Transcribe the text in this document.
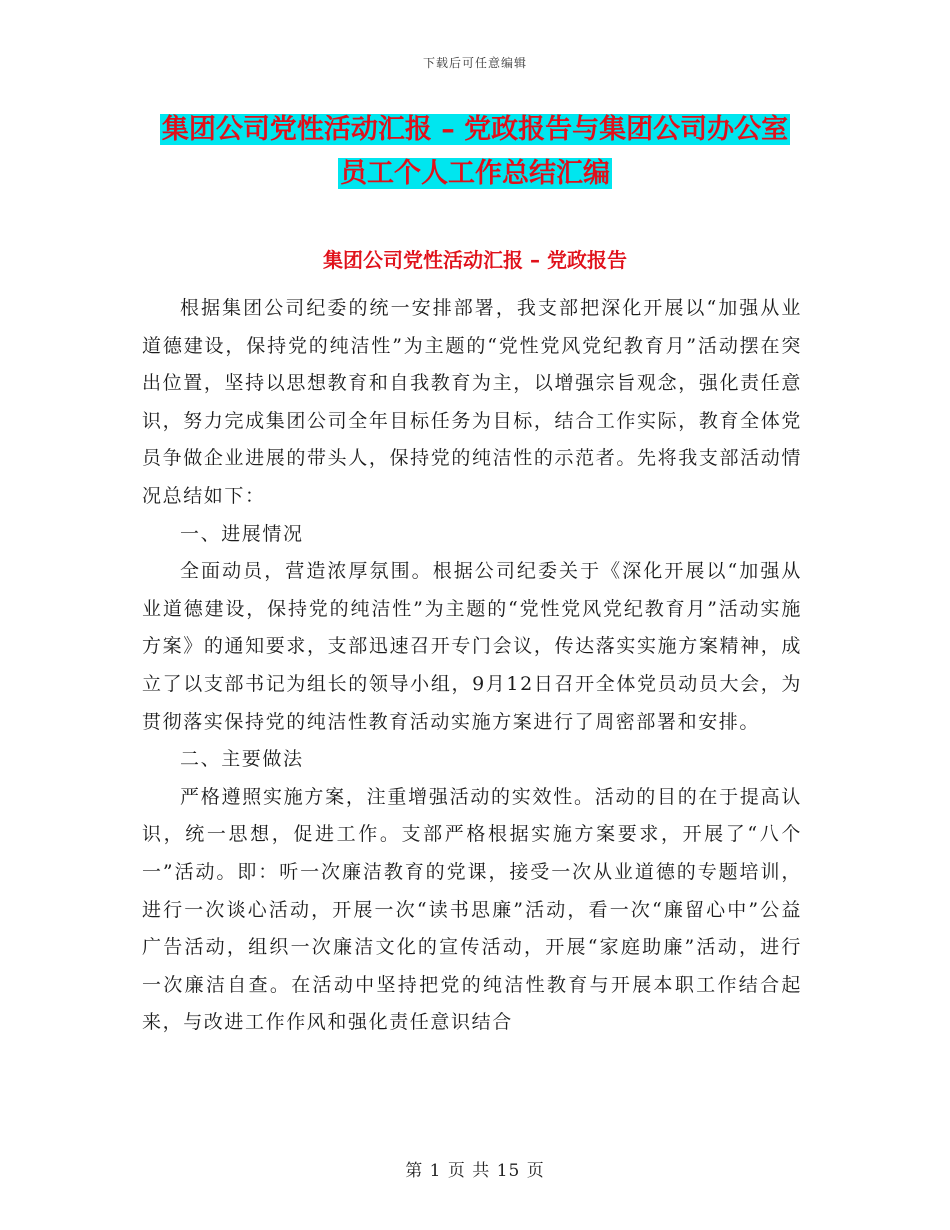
下载后可任意编辑
集团公司党性活动汇报 – 党政报告与集团公司办公室
员工个人工作总结汇编
集团公司党性活动汇报 – 党政报告

根据集团公司纪委的统一安排部署，我支部把深化开展以“加强从业道德建设，保持党的纯洁性”为主题的“党性党风党纪教育月”活动摆在突出位置，坚持以思想教育和自我教育为主，以增强宗旨观念，强化责任意识，努力完成集团公司全年目标任务为目标，结合工作实际，教育全体党员争做企业进展的带头人，保持党的纯洁性的示范者。先将我支部活动情况总结如下：

一、进展情况

全面动员，营造浓厚氛围。根据公司纪委关于《深化开展以“加强从业道德建设，保持党的纯洁性”为主题的“党性党风党纪教育月”活动实施方案》的通知要求，支部迅速召开专门会议，传达落实实施方案精神，成立了以支部书记为组长的领导小组，9月12日召开全体党员动员大会，为贯彻落实保持党的纯洁性教育活动实施方案进行了周密部署和安排。

二、主要做法

严格遵照实施方案，注重增强活动的实效性。活动的目的在于提高认识，统一思想，促进工作。支部严格根据实施方案要求，开展了“八个一”活动。即：听一次廉洁教育的党课，接受一次从业道德的专题培训，进行一次谈心活动，开展一次“读书思廉”活动，看一次“廉留心中”公益广告活动，组织一次廉洁文化的宣传活动，开展“家庭助廉”活动，进行一次廉洁自查。在活动中坚持把党的纯洁性教育与开展本职工作结合起来，与改进工作作风和强化责任意识结合

第 1 页 共 15 页
